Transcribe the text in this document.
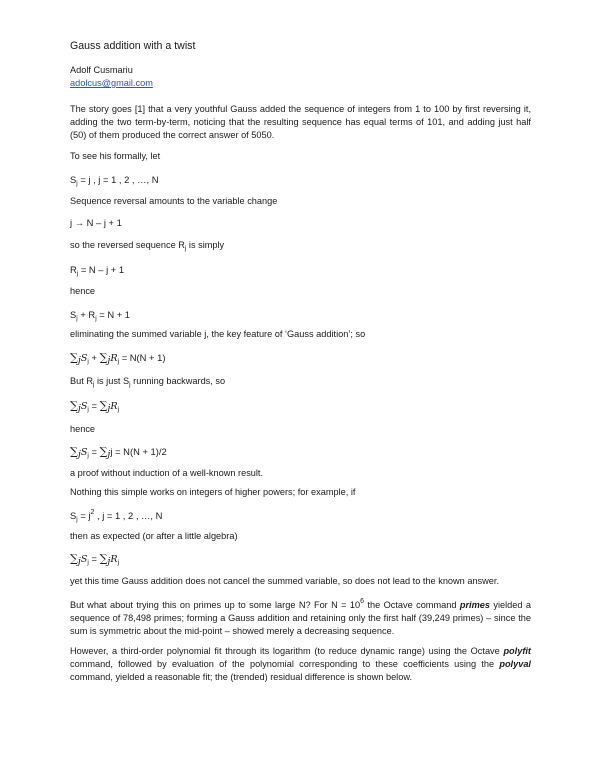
Gauss addition with a twist
Adolf Cusmariu
adolcus@gmail.com
The story goes [1] that a very youthful Gauss added the sequence of integers from 1 to 100 by first reversing it, adding the two term-by-term, noticing that the resulting sequence has equal terms of 101, and adding just half (50) of them produced the correct answer of 5050.
To see his formally, let
$S_j = j$ , j = 1 , 2 , …, N
Sequence reversal amounts to the variable change
j → N – j + 1
so the reversed sequence $R_j$ is simply
$R_j = N - j + 1$
hence
$S_j + R_j = N + 1$
eliminating the summed variable j, the key feature of ‘Gauss addition’; so
$\sum_jS_j + \sum_jR_j = N(N + 1)$
But $R_j$ is just $S_j$ running backwards, so
$\sum_jS_j = \sum_jR_j$
hence
$\sum_jS_j = \sum_jj = N(N + 1)/2$
a proof without induction of a well-known result.
Nothing this simple works on integers of higher powers; for example, if
$S_j = j^2$ , j = 1 , 2 , …, N
then as expected (or after a little algebra)
$\sum_jS_j = \sum_jR_j$
yet this time Gauss addition does not cancel the summed variable, so does not lead to the known answer.
But what about trying this on primes up to some large N? For $N = 10^6$ the Octave command primes yielded a sequence of 78,498 primes; forming a Gauss addition and retaining only the first half (39,249 primes) – since the sum is symmetric about the mid-point – showed merely a decreasing sequence.
However, a third-order polynomial fit through its logarithm (to reduce dynamic range) using the Octave polyfit command, followed by evaluation of the polynomial corresponding to these coefficients using the polyval command, yielded a reasonable fit; the (trended) residual difference is shown below.
